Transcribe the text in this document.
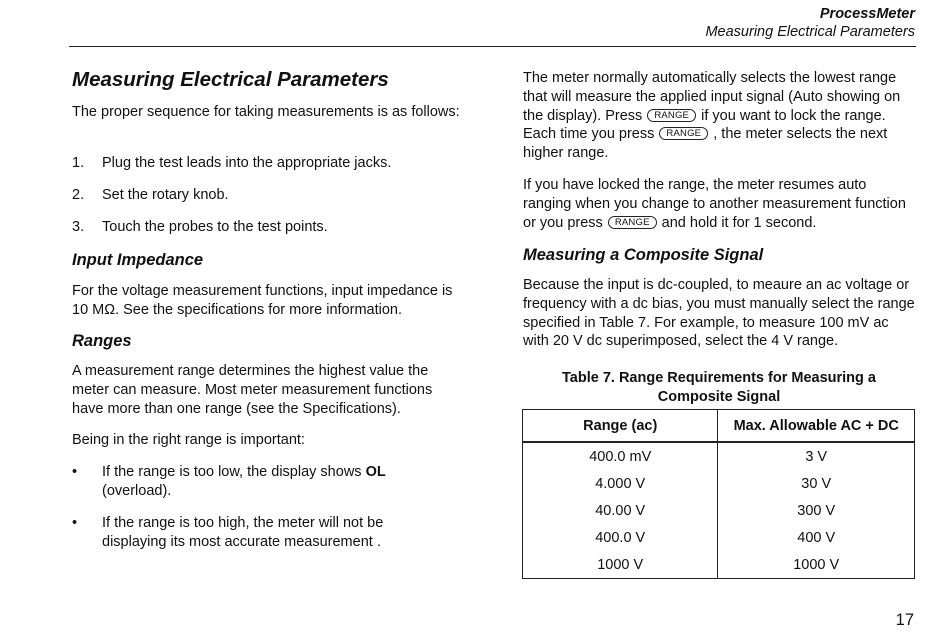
ProcessMeter
Measuring Electrical Parameters
Measuring Electrical Parameters
The proper sequence for taking measurements is as follows:
1. Plug the test leads into the appropriate jacks.
2. Set the rotary knob.
3. Touch the probes to the test points.
Input Impedance
For the voltage measurement functions, input impedance is 10 MΩ. See the specifications for more information.
Ranges
A measurement range determines the highest value the meter can measure. Most meter measurement functions have more than one range (see the Specifications).
Being in the right range is important:
• If the range is too low, the display shows OL (overload).
• If the range is too high, the meter will not be displaying its most accurate measurement .
The meter normally automatically selects the lowest range that will measure the applied input signal (Auto showing on the display). Press RANGE if you want to lock the range. Each time you press RANGE , the meter selects the next higher range.
If you have locked the range, the meter resumes auto ranging when you change to another measurement function or you press RANGE and hold it for 1 second.
Measuring a Composite Signal
Because the input is dc-coupled, to meaure an ac voltage or frequency with a dc bias, you must manually select the range specified in Table 7. For example, to measure 100 mV ac with 20 V dc superimposed, select the 4 V range.
Table 7. Range Requirements for Measuring a Composite Signal
Range (ac)	Max. Allowable AC + DC
400.0 mV	3 V
4.000 V	30 V
40.00 V	300 V
400.0 V	400 V
1000 V	1000 V
17
